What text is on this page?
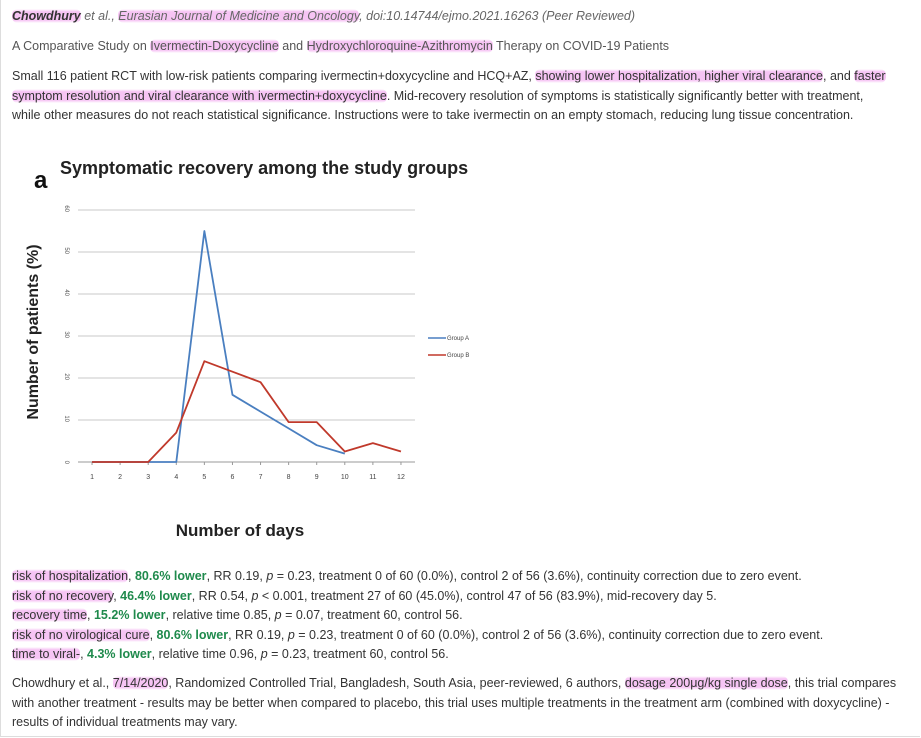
Chowdhury et al., Eurasian Journal of Medicine and Oncology, doi:10.14744/ejmo.2021.16263 (Peer Reviewed)
A Comparative Study on Ivermectin-Doxycycline and Hydroxychloroquine-Azithromycin Therapy on COVID-19 Patients
Small 116 patient RCT with low-risk patients comparing ivermectin+doxycycline and HCQ+AZ, showing lower hospitalization, higher viral clearance, and faster
symptom resolution and viral clearance with ivermectin+doxycycline. Mid-recovery resolution of symptoms is statistically significantly better with treatment,
while other measures do not reach statistical significance. Instructions were to take ivermectin on an empty stomach, reducing lung tissue concentration.
a Symptomatic recovery among the study groups
Number of patients (%)
Number of days
0
10
20
30
40
50
60
1	2	3	4	5	6	7	8	9	10	11	12
Group A
Group B
risk of hospitalization, 80.6% lower, RR 0.19, p = 0.23, treatment 0 of 60 (0.0%), control 2 of 56 (3.6%), continuity correction due to zero event.
risk of no recovery, 46.4% lower, RR 0.54, p < 0.001, treatment 27 of 60 (45.0%), control 47 of 56 (83.9%), mid-recovery day 5.
recovery time, 15.2% lower, relative time 0.85, p = 0.07, treatment 60, control 56.
risk of no virological cure, 80.6% lower, RR 0.19, p = 0.23, treatment 0 of 60 (0.0%), control 2 of 56 (3.6%), continuity correction due to zero event.
time to viral-, 4.3% lower, relative time 0.96, p = 0.23, treatment 60, control 56.
Chowdhury et al., 7/14/2020, Randomized Controlled Trial, Bangladesh, South Asia, peer-reviewed, 6 authors, dosage 200μg/kg single dose, this trial compares
with another treatment - results may be better when compared to placebo, this trial uses multiple treatments in the treatment arm (combined with doxycycline) -
results of individual treatments may vary.
